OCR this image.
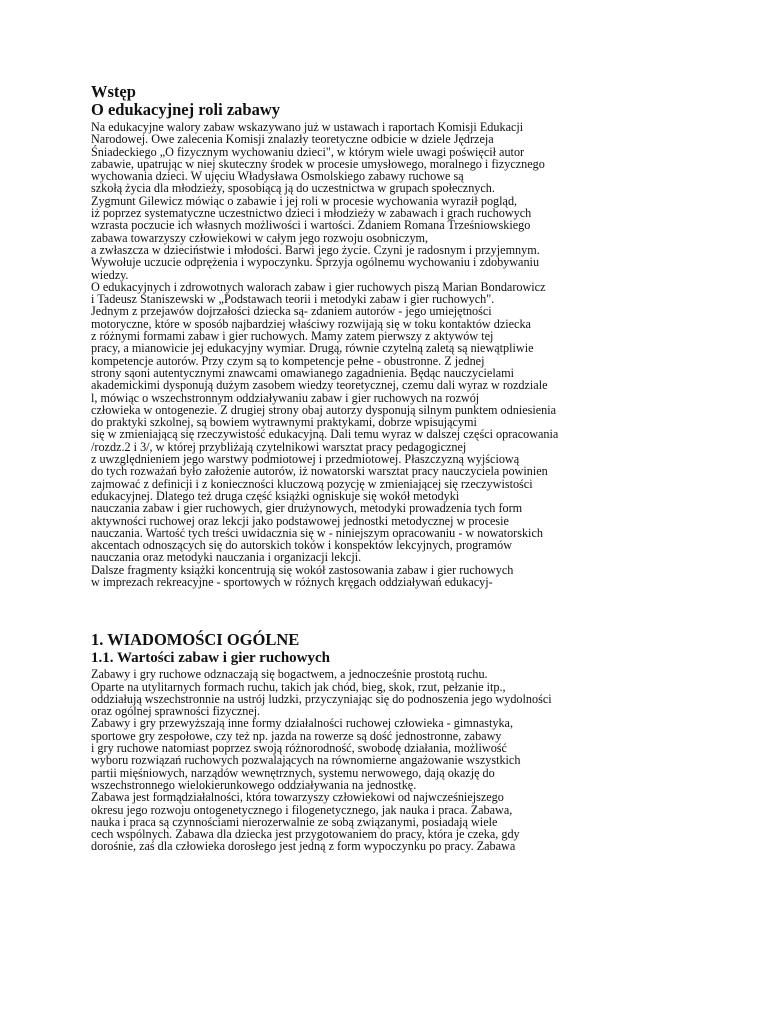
Wstęp
O edukacyjnej roli zabawy
Na edukacyjne walory zabaw wskazywano już w ustawach i raportach Komisji Edukacji
Narodowej. Owe zalecenia Komisji znalazły teoretyczne odbicie w dziele Jędrzeja
Śniadeckiego „O fizycznym wychowaniu dzieci", w którym wiele uwagi poświęcił autor
zabawie, upatrując w niej skuteczny środek w procesie umysłowego, moralnego i fizycznego
wychowania dzieci. W ujęciu Władysława Osmolskiego zabawy ruchowe są
szkołą życia dla młodzieży, sposobiącą ją do uczestnictwa w grupach społecznych.
Zygmunt Gilewicz mówiąc o zabawie i jej roli w procesie wychowania wyraził pogląd,
iż poprzez systematyczne uczestnictwo dzieci i młodzieży w zabawach i grach ruchowych
wzrasta poczucie ich własnych możliwości i wartości. Zdaniem Romana Trześniowskiego
zabawa towarzyszy człowiekowi w całym jego rozwoju osobniczym,
a zwłaszcza w dzieciństwie i młodości. Barwi jego życie. Czyni je radosnym i przyjemnym.
Wywołuje uczucie odprężenia i wypoczynku. Sprzyja ogólnemu wychowaniu i zdobywaniu
wiedzy.
O edukacyjnych i zdrowotnych walorach zabaw i gier ruchowych piszą Marian Bondarowicz
i Tadeusz Staniszewski w „Podstawach teorii i metodyki zabaw i gier ruchowych".
Jednym z przejawów dojrzałości dziecka są- zdaniem autorów - jego umiejętności
motoryczne, które w sposób najbardziej właściwy rozwijają się w toku kontaktów dziecka
z różnymi formami zabaw i gier ruchowych. Mamy zatem pierwszy z aktywów tej
pracy, a mianowicie jej edukacyjny wymiar. Drugą, równie czytelną zaletą są niewątpliwie
kompetencje autorów. Przy czym są to kompetencje pełne - obustronne. Z jednej
strony sąoni autentycznymi znawcami omawianego zagadnienia. Będąc nauczycielami
akademickimi dysponują dużym zasobem wiedzy teoretycznej, czemu dali wyraz w rozdziale
l, mówiąc o wszechstronnym oddziaływaniu zabaw i gier ruchowych na rozwój
człowieka w ontogenezie. Z drugiej strony obaj autorzy dysponują silnym punktem odniesienia
do praktyki szkolnej, są bowiem wytrawnymi praktykami, dobrze wpisującymi
się w zmieniającą się rzeczywistość edukacyjną. Dali temu wyraz w dalszej części opracowania
/rozdz.2 i 3/, w której przybliżają czytelnikowi warsztat pracy pedagogicznej
z uwzględnieniem jego warstwy podmiotowej i przedmiotowej. Płaszczyzną wyjściową
do tych rozważań było założenie autorów, iż nowatorski warsztat pracy nauczyciela powinien
zajmować z definicji i z konieczności kluczową pozycję w zmieniającej się rzeczywistości
edukacyjnej. Dlatego też druga część książki ogniskuje się wokół metodyki
nauczania zabaw i gier ruchowych, gier drużynowych, metodyki prowadzenia tych form
aktywności ruchowej oraz lekcji jako podstawowej jednostki metodycznej w procesie
nauczania. Wartość tych treści uwidacznia się w - niniejszym opracowaniu - w nowatorskich
akcentach odnoszących się do autorskich toków i konspektów lekcyjnych, programów
nauczania oraz metodyki nauczania i organizacji lekcji.
Dalsze fragmenty książki koncentrują się wokół zastosowania zabaw i gier ruchowych
w imprezach rekreacyjne - sportowych w różnych kręgach oddziaływań edukacyj-
1. WIADOMOŚCI OGÓLNE
1.1. Wartości zabaw i gier ruchowych
Zabawy i gry ruchowe odznaczają się bogactwem, a jednocześnie prostotą ruchu.
Oparte na utylitarnych formach ruchu, takich jak chód, bieg, skok, rzut, pełzanie itp.,
oddziałują wszechstronnie na ustrój ludzki, przyczyniając się do podnoszenia jego wydolności
oraz ogólnej sprawności fizycznej.
Zabawy i gry przewyższają inne formy działalności ruchowej człowieka - gimnastyka,
sportowe gry zespołowe, czy też np. jazda na rowerze są dość jednostronne, zabawy
i gry ruchowe natomiast poprzez swoją różnorodność, swobodę działania, możliwość
wyboru rozwiązań ruchowych pozwalających na równomierne angażowanie wszystkich
partii mięśniowych, narządów wewnętrznych, systemu nerwowego, dają okazję do
wszechstronnego wielokierunkowego oddziaływania na jednostkę.
Zabawa jest formądziałalności, która towarzyszy człowiekowi od najwcześniejszego
okresu jego rozwoju ontogenetycznego i filogenetycznego, jak nauka i praca. Zabawa,
nauka i praca są czynnościami nierozerwalnie ze sobą związanymi, posiadają wiele
cech wspólnych. Zabawa dla dziecka jest przygotowaniem do pracy, która je czeka, gdy
dorośnie, zaś dla człowieka dorosłego jest jedną z form wypoczynku po pracy. Zabawa
